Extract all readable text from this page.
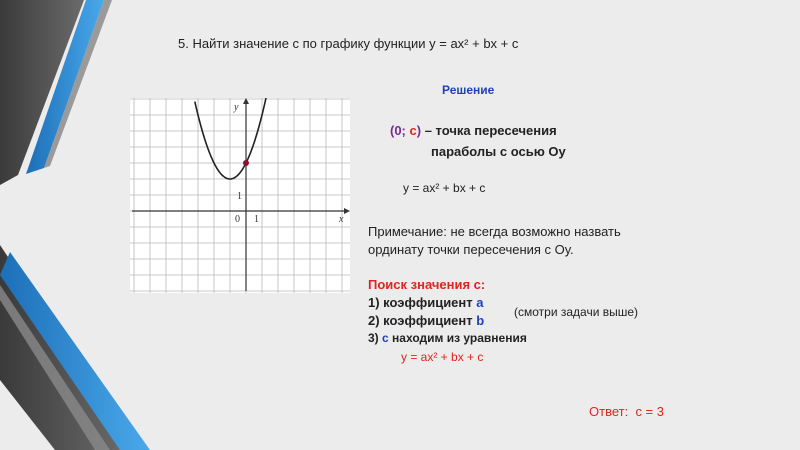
5. Найти значение с по графику функции у = ах² + bх + с
x
y
0 1
1
Решение
(0; с) – точка пересечения
параболы с осью Оу
у = ах² + bх + с
Примечание: не всегда возможно назвать
ординату точки пересечения с Оу.
Поиск значения с:
1) коэффициент а
2) коэффициент b
(смотри задачи выше)
3) с находим из уравнения
у = ах² + bх + с
Ответ: с = 3
